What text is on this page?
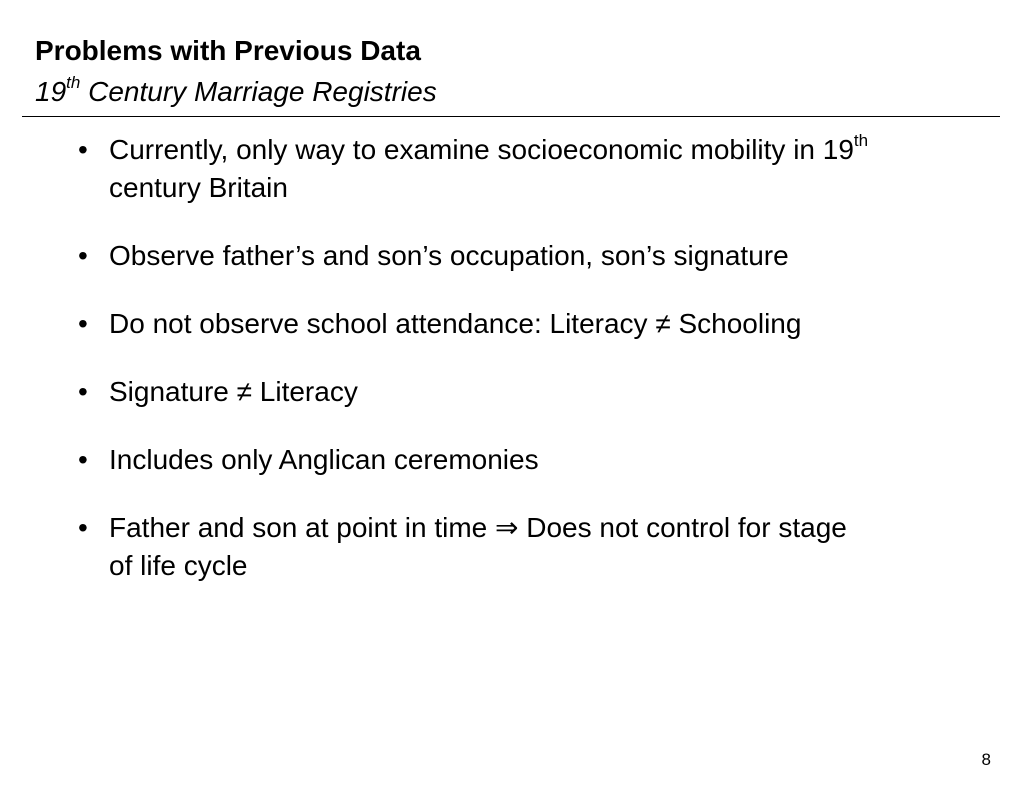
Problems with Previous Data
19th Century Marriage Registries
• Currently, only way to examine socioeconomic mobility in 19th
century Britain
• Observe father’s and son’s occupation, son’s signature
• Do not observe school attendance: Literacy ≠ Schooling
• Signature ≠ Literacy
• Includes only Anglican ceremonies
• Father and son at point in time ⇒ Does not control for stage
of life cycle
8
